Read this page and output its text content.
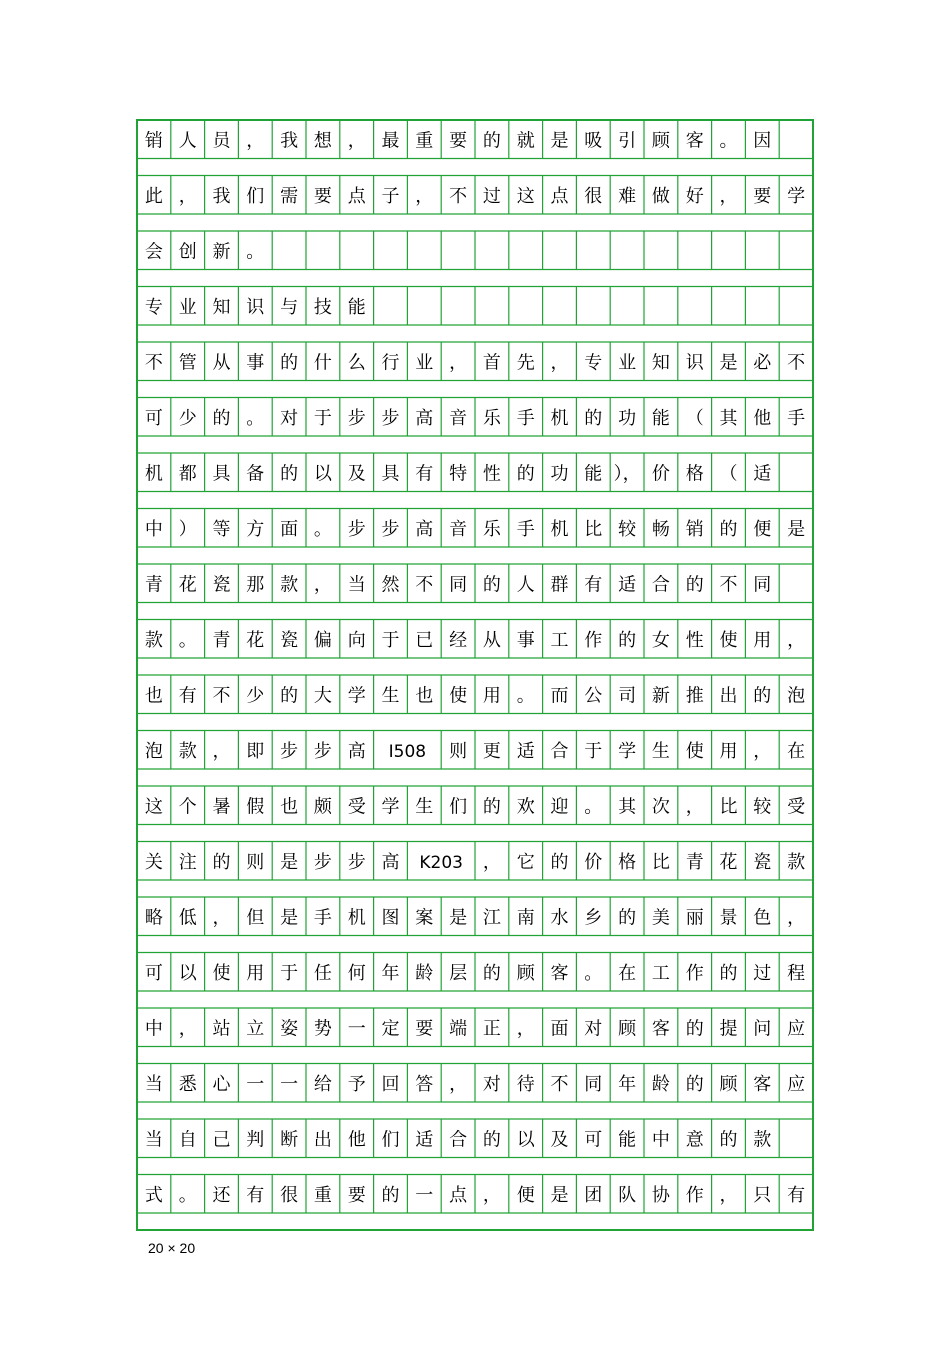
销 人 员 ， 我 想 ， 最 重 要 的 就 是 吸 引 顾 客 。 因
此 ， 我 们 需 要 点 子 ， 不 过 这 点 很 难 做 好 ， 要 学
会 创 新 。
专 业 知 识 与 技 能
不 管 从 事 的 什 么 行 业 ， 首 先 ， 专 业 知 识 是 必 不
可 少 的 。 对 于 步 步 高 音 乐 手 机 的 功 能 （ 其 他 手
机 都 具 备 的 以 及 具 有 特 性 的 功 能 ）， 价 格 （ 适
中 ） 等 方 面 。 步 步 高 音 乐 手 机 比 较 畅 销 的 便 是
青 花 瓷 那 款 ， 当 然 不 同 的 人 群 有 适 合 的 不 同
款 。 青 花 瓷 偏 向 于 已 经 从 事 工 作 的 女 性 使 用 ，
也 有 不 少 的 大 学 生 也 使 用 。 而 公 司 新 推 出 的 泡
泡 款 ， 即 步 步 高 I508 则 更 适 合 于 学 生 使 用 ， 在
这 个 暑 假 也 颇 受 学 生 们 的 欢 迎 。 其 次 ， 比 较 受
关 注 的 则 是 步 步 高 K203 ， 它 的 价 格 比 青 花 瓷 款
略 低 ， 但 是 手 机 图 案 是 江 南 水 乡 的 美 丽 景 色 ，
可 以 使 用 于 任 何 年 龄 层 的 顾 客 。 在 工 作 的 过 程
中 ， 站 立 姿 势 一 定 要 端 正 ， 面 对 顾 客 的 提 问 应
当 悉 心 一 一 给 予 回 答 ， 对 待 不 同 年 龄 的 顾 客 应
当 自 己 判 断 出 他 们 适 合 的 以 及 可 能 中 意 的 款
式 。 还 有 很 重 要 的 一 点 ， 便 是 团 队 协 作 ， 只 有
20 × 20
